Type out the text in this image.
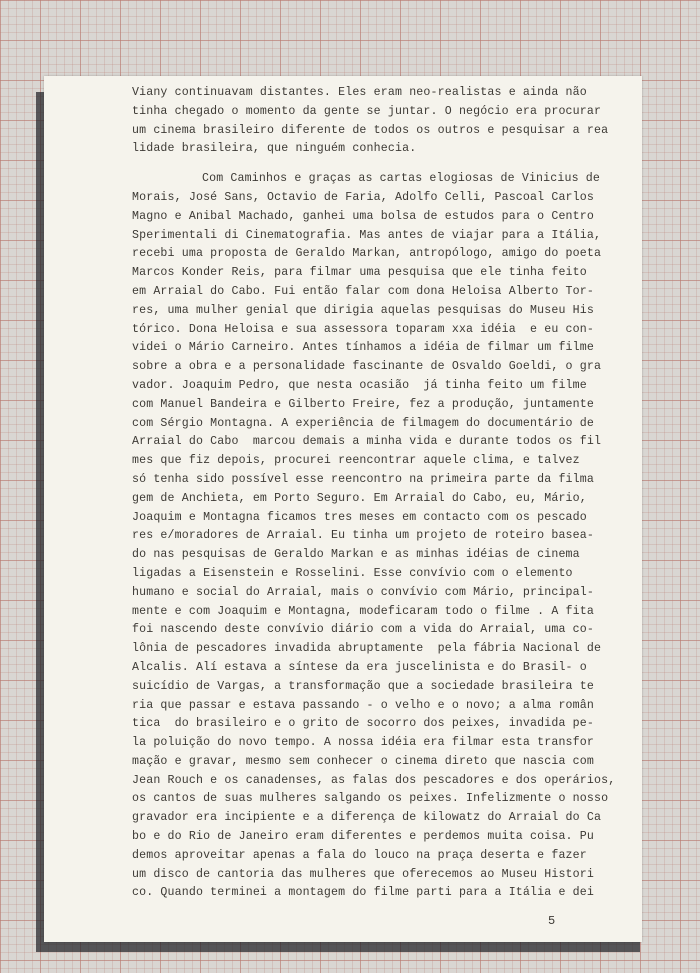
Viany continuavam distantes. Eles eram neo-realistas e ainda não
tinha chegado o momento da gente se juntar. O negócio era procurar
um cinema brasileiro diferente de todos os outros e pesquisar a rea
lidade brasileira, que ninguém conhecia.
Com Caminhos e graças as cartas elogiosas de Vinicius de
Morais, José Sans, Octavio de Faria, Adolfo Celli, Pascoal Carlos
Magno e Anibal Machado, ganhei uma bolsa de estudos para o Centro
Sperimentali di Cinematografia. Mas antes de viajar para a Itália,
recebi uma proposta de Geraldo Markan, antropólogo, amigo do poeta
Marcos Konder Reis, para filmar uma pesquisa que ele tinha feito
em Arraial do Cabo. Fui então falar com dona Heloisa Alberto Tor-
res, uma mulher genial que dirigia aquelas pesquisas do Museu His
tórico. Dona Heloisa e sua assessora toparam xxa idéia  e eu con-
videi o Mário Carneiro. Antes tínhamos a idéia de filmar um filme
sobre a obra e a personalidade fascinante de Osvaldo Goeldi, o gra
vador. Joaquim Pedro, que nesta ocasião  já tinha feito um filme
com Manuel Bandeira e Gilberto Freire, fez a produção, juntamente
com Sérgio Montagna. A experiência de filmagem do documentário de
Arraial do Cabo  marcou demais a minha vida e durante todos os fil
mes que fiz depois, procurei reencontrar aquele clima, e talvez
só tenha sido possível esse reencontro na primeira parte da filma
gem de Anchieta, em Porto Seguro. Em Arraial do Cabo, eu, Mário,
Joaquim e Montagna ficamos tres meses em contacto com os pescado
res e/moradores de Arraial. Eu tinha um projeto de roteiro basea-
do nas pesquisas de Geraldo Markan e as minhas idéias de cinema
ligadas a Eisenstein e Rosselini. Esse convívio com o elemento
humano e social do Arraial, mais o convívio com Mário, principal-
mente e com Joaquim e Montagna, modeficaram todo o filme . A fita
foi nascendo deste convívio diário com a vida do Arraial, uma co-
lônia de pescadores invadida abruptamente  pela fábria Nacional de
Alcalis. Alí estava a síntese da era juscelinista e do Brasil- o
suicídio de Vargas, a transformação que a sociedade brasileira te
ria que passar e estava passando - o velho e o novo; a alma român
tica  do brasileiro e o grito de socorro dos peixes, invadida pe-
la poluição do novo tempo. A nossa idéia era filmar esta transfor
mação e gravar, mesmo sem conhecer o cinema direto que nascia com
Jean Rouch e os canadenses, as falas dos pescadores e dos operários,
os cantos de suas mulheres salgando os peixes. Infelizmente o nosso
gravador era incipiente e a diferença de kilowatz do Arraial do Ca
bo e do Rio de Janeiro eram diferentes e perdemos muita coisa. Pu
demos aproveitar apenas a fala do louco na praça deserta e fazer
um disco de cantoria das mulheres que oferecemos ao Museu Histori
co. Quando terminei a montagem do filme parti para a Itália e dei
5
